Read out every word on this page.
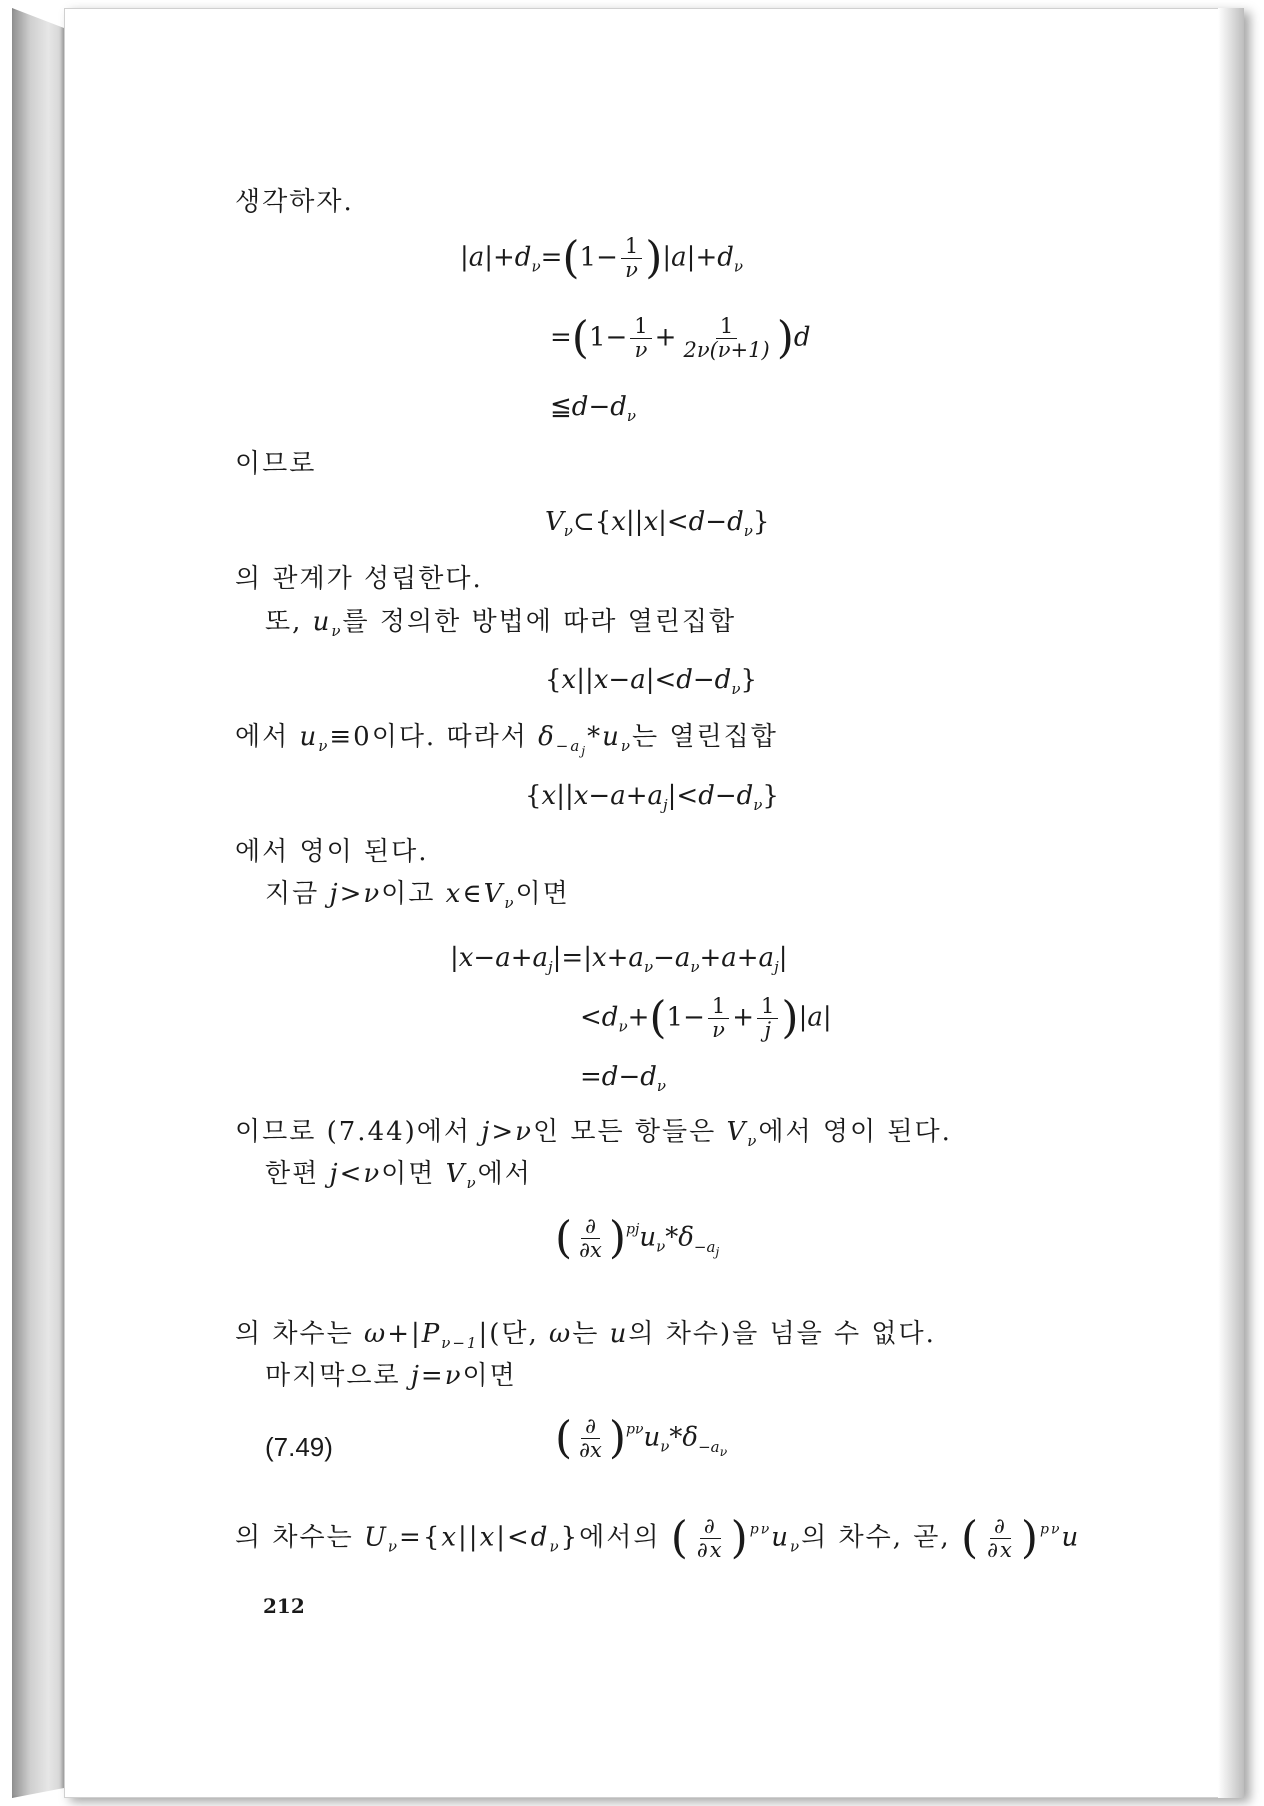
생각하자.
$|a|+d_\nu=(1- \frac{1}{\nu} )|a|+d_\nu$
$=(1- \frac{1}{\nu} + \frac{1}{2\nu(\nu+1)} )d$
$≦d-d_\nu$
이므로
$V_\nu\subset\{x||x|<d-d_\nu\}$
의 관계가 성립한다.
또, $u_\nu$를 정의한 방법에 따라 열린집합
$\{x||x-a|<d-d_\nu\}$
에서 $u_\nu\equiv 0$이다. 따라서 $\delta_{-a_j}*u_\nu$는 열린집합
$\{x||x-a+a_j|<d-d_\nu\}$
에서 영이 된다.
지금 j>ν이고 $x\in V_\nu$이면
$|x-a+a_j|=|x+a_\nu-a_\nu+a+a_j|$
$<d_\nu+(1- \frac{1}{\nu} + \frac{1}{j} )|a|$
$=d-d_\nu$
이므로 (7.44)에서 j>ν인 모든 항들은 $V_\nu$에서 영이 된다.
한편 j<ν이면 $V_\nu$에서
( $\frac{\partial}{\partial x} )^{pj}u_\nu*\delta_{-a_j}$
의 차수는 $\omega+|P_{\nu-1}|$(단, ω는 u의 차수)을 넘을 수 없다.
마지막으로 j=ν이면
(7.49)	( $\frac{\partial}{\partial x} )^{p\nu}u_\nu*\delta_{-a_\nu}$
의 차수는 $U_\nu=\{x||x|<d_\nu\}$에서의 ( $\frac{\partial}{\partial x} )^{p\nu}u_\nu$의 차수, 곧, ( $\frac{\partial}{\partial x} )^{p\nu}u$
212
